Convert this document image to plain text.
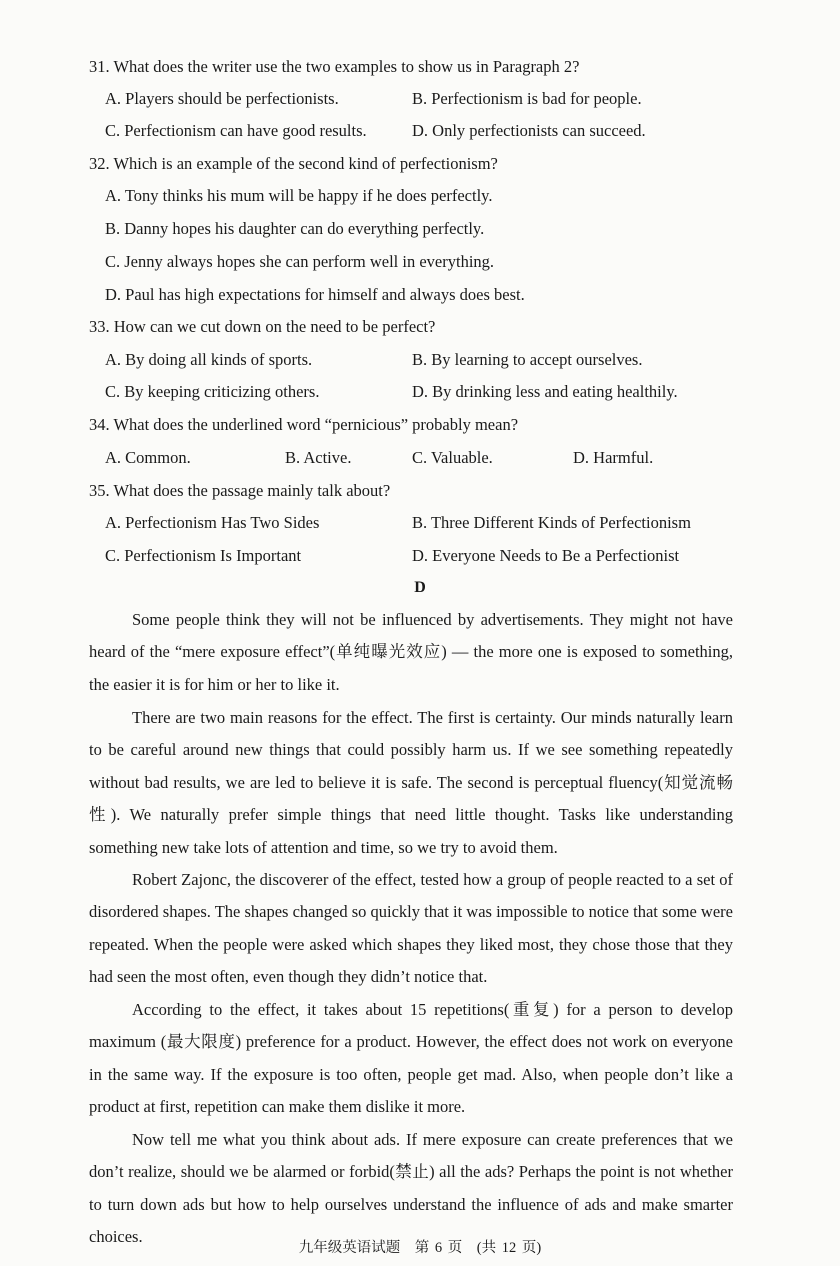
31. What does the writer use the two examples to show us in Paragraph 2?
A. Players should be perfectionists.	B. Perfectionism is bad for people.
C. Perfectionism can have good results.	D. Only perfectionists can succeed.
32. Which is an example of the second kind of perfectionism?
A. Tony thinks his mum will be happy if he does perfectly.
B. Danny hopes his daughter can do everything perfectly.
C. Jenny always hopes she can perform well in everything.
D. Paul has high expectations for himself and always does best.
33. How can we cut down on the need to be perfect?
A. By doing all kinds of sports.	B. By learning to accept ourselves.
C. By keeping criticizing others.	D. By drinking less and eating healthily.
34. What does the underlined word “pernicious” probably mean?
A. Common.	B. Active.	C. Valuable.	D. Harmful.
35. What does the passage mainly talk about?
A. Perfectionism Has Two Sides	B. Three Different Kinds of Perfectionism
C. Perfectionism Is Important	D. Everyone Needs to Be a Perfectionist
D

Some people think they will not be influenced by advertisements. They might not have heard of the “mere exposure effect”(单纯曝光效应) — the more one is exposed to something, the easier it is for him or her to like it.

There are two main reasons for the effect. The first is certainty. Our minds naturally learn to be careful around new things that could possibly harm us. If we see something repeatedly without bad results, we are led to believe it is safe. The second is perceptual fluency(知觉流畅性). We naturally prefer simple things that need little thought. Tasks like understanding something new take lots of attention and time, so we try to avoid them.

Robert Zajonc, the discoverer of the effect, tested how a group of people reacted to a set of disordered shapes. The shapes changed so quickly that it was impossible to notice that some were repeated. When the people were asked which shapes they liked most, they chose those that they had seen the most often, even though they didn’t notice that.

According to the effect, it takes about 15 repetitions(重复) for a person to develop maximum (最大限度) preference for a product. However, the effect does not work on everyone in the same way. If the exposure is too often, people get mad. Also, when people don’t like a product at first, repetition can make them dislike it more.

Now tell me what you think about ads. If mere exposure can create preferences that we don’t realize, should we be alarmed or forbid(禁止) all the ads? Perhaps the point is not whether to turn down ads but how to help ourselves understand the influence of ads and make smarter choices.

九年级英语试题　第 6 页　(共 12 页)
